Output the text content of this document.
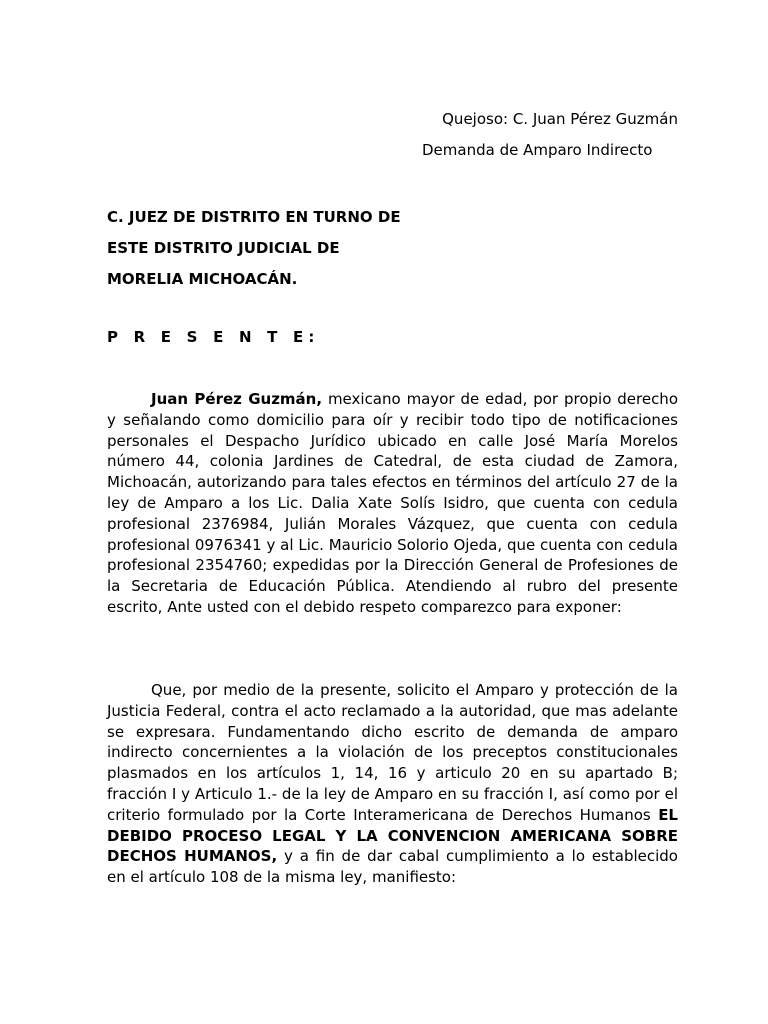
Quejoso: C. Juan Pérez Guzmán
Demanda de Amparo Indirecto
C. JUEZ DE DISTRITO EN TURNO DE
ESTE DISTRITO JUDICIAL DE
MORELIA MICHOACÁN.
P R E S E N T E:

Juan Pérez Guzmán, mexicano mayor de edad, por propio derecho y señalando como domicilio para oír y recibir todo tipo de notificaciones personales el Despacho Jurídico ubicado en calle José María Morelos número 44, colonia Jardines de Catedral, de esta ciudad de Zamora, Michoacán, autorizando para tales efectos en términos del artículo 27 de la ley de Amparo a los Lic. Dalia Xate Solís Isidro, que cuenta con cedula profesional 2376984, Julián Morales Vázquez, que cuenta con cedula profesional 0976341 y al Lic. Mauricio Solorio Ojeda, que cuenta con cedula profesional 2354760; expedidas por la Dirección General de Profesiones de la Secretaria de Educación Pública. Atendiendo al rubro del presente escrito, Ante usted con el debido respeto comparezco para exponer:

Que, por medio de la presente, solicito el Amparo y protección de la Justicia Federal, contra el acto reclamado a la autoridad, que mas adelante se expresara. Fundamentando dicho escrito de demanda de amparo indirecto concernientes a la violación de los preceptos constitucionales plasmados en los artículos 1, 14, 16 y articulo 20 en su apartado B; fracción I y Articulo 1.- de la ley de Amparo en su fracción I, así como por el criterio formulado por la Corte Interamericana de Derechos Humanos EL DEBIDO PROCESO LEGAL Y LA CONVENCION AMERICANA SOBRE DECHOS HUMANOS, y a fin de dar cabal cumplimiento a lo establecido en el artículo 108 de la misma ley, manifiesto:
